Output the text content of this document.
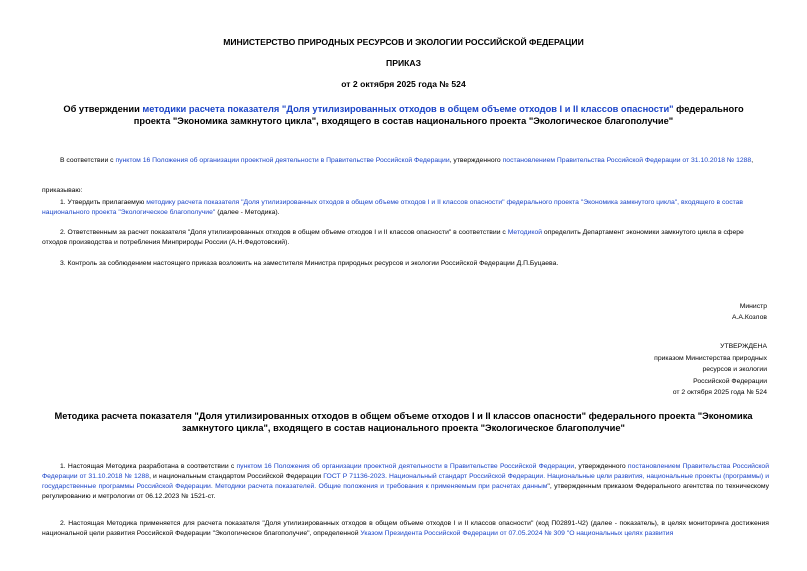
МИНИСТЕРСТВО ПРИРОДНЫХ РЕСУРСОВ И ЭКОЛОГИИ РОССИЙСКОЙ ФЕДЕРАЦИИ
ПРИКАЗ
от 2 октября 2025 года № 524
Об утверждении методики расчета показателя "Доля утилизированных отходов в общем объеме отходов I и II классов опасности" федерального проекта "Экономика замкнутого цикла", входящего в состав национального проекта "Экологическое благополучие"
В соответствии с пунктом 16 Положения об организации проектной деятельности в Правительстве Российской Федерации, утвержденного постановлением Правительства Российской Федерации от 31.10.2018 № 1288,
приказываю:
1. Утвердить прилагаемую методику расчета показателя "Доля утилизированных отходов в общем объеме отходов I и II классов опасности" федерального проекта "Экономика замкнутого цикла", входящего в состав национального проекта "Экологическое благополучие" (далее - Методика).
2. Ответственным за расчет показателя "Доля утилизированных отходов в общем объеме отходов I и II классов опасности" в соответствии с Методикой определить Департамент экономики замкнутого цикла в сфере отходов производства и потребления Минприроды России (А.Н.Федотовский).
3. Контроль за соблюдением настоящего приказа возложить на заместителя Министра природных ресурсов и экологии Российской Федерации Д.П.Буцаева.
Министр
А.А.Козлов
УТВЕРЖДЕНА
приказом Министерства природных
ресурсов и экологии
Российской Федерации
от 2 октября 2025 года № 524
Методика расчета показателя "Доля утилизированных отходов в общем объеме отходов I и II классов опасности" федерального проекта "Экономика замкнутого цикла", входящего в состав национального проекта "Экологическое благополучие"
1. Настоящая Методика разработана в соответствии с пунктом 16 Положения об организации проектной деятельности в Правительстве Российской Федерации, утвержденного постановлением Правительства Российской Федерации от 31.10.2018 № 1288, и национальным стандартом Российской Федерации ГОСТ Р 71136-2023. Национальный стандарт Российской Федерации. Национальные цели развития, национальные проекты (программы) и государственные программы Российской Федерации. Методики расчета показателей. Общие положения и требования к применяемым при расчетах данным", утвержденным приказом Федерального агентства по техническому регулированию и метрологии от 06.12.2023 № 1521-ст.
2. Настоящая Методика применяется для расчета показателя "Доля утилизированных отходов в общем объеме отходов I и II классов опасности" (код П02891-Ч2) (далее - показатель), в целях мониторинга достижения национальной цели развития Российской Федерации "Экологическое благополучие", определенной Указом Президента Российской Федерации от 07.05.2024 № 309 "О национальных целях развития
